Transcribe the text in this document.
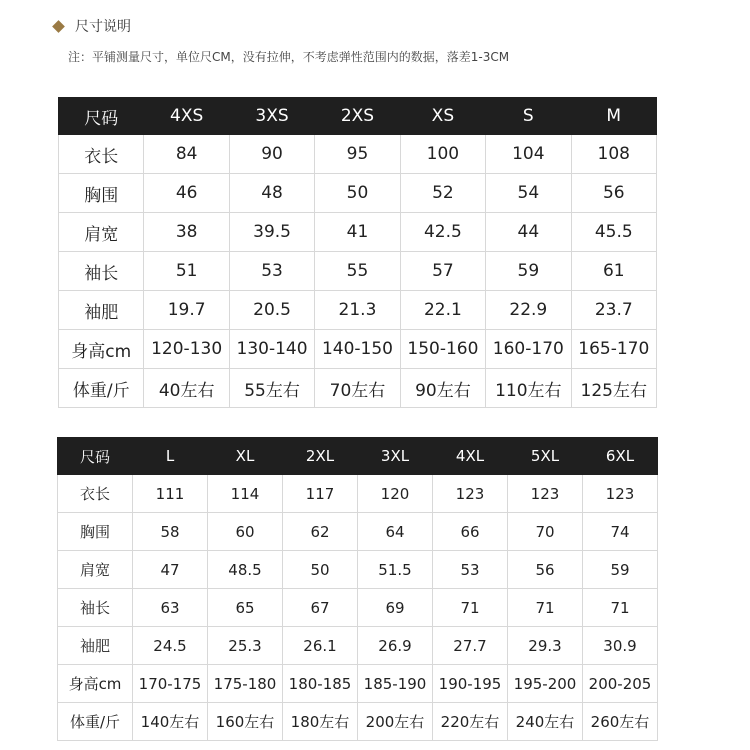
尺寸说明
注：平铺测量尺寸，单位尺CM，没有拉伸，不考虑弹性范围内的数据，落差1-3CM
尺码	4XS	3XS	2XS	XS	S	M
衣长	84	90	95	100	104	108
胸围	46	48	50	52	54	56
肩宽	38	39.5	41	42.5	44	45.5
袖长	51	53	55	57	59	61
袖肥	19.7	20.5	21.3	22.1	22.9	23.7
身高cm	120-130	130-140	140-150	150-160	160-170	165-170
体重/斤	40左右	55左右	70左右	90左右	110左右	125左右
尺码	L	XL	2XL	3XL	4XL	5XL	6XL
衣长	111	114	117	120	123	123	123
胸围	58	60	62	64	66	70	74
肩宽	47	48.5	50	51.5	53	56	59
袖长	63	65	67	69	71	71	71
袖肥	24.5	25.3	26.1	26.9	27.7	29.3	30.9
身高cm	170-175	175-180	180-185	185-190	190-195	195-200	200-205
体重/斤	140左右	160左右	180左右	200左右	220左右	240左右	260左右
